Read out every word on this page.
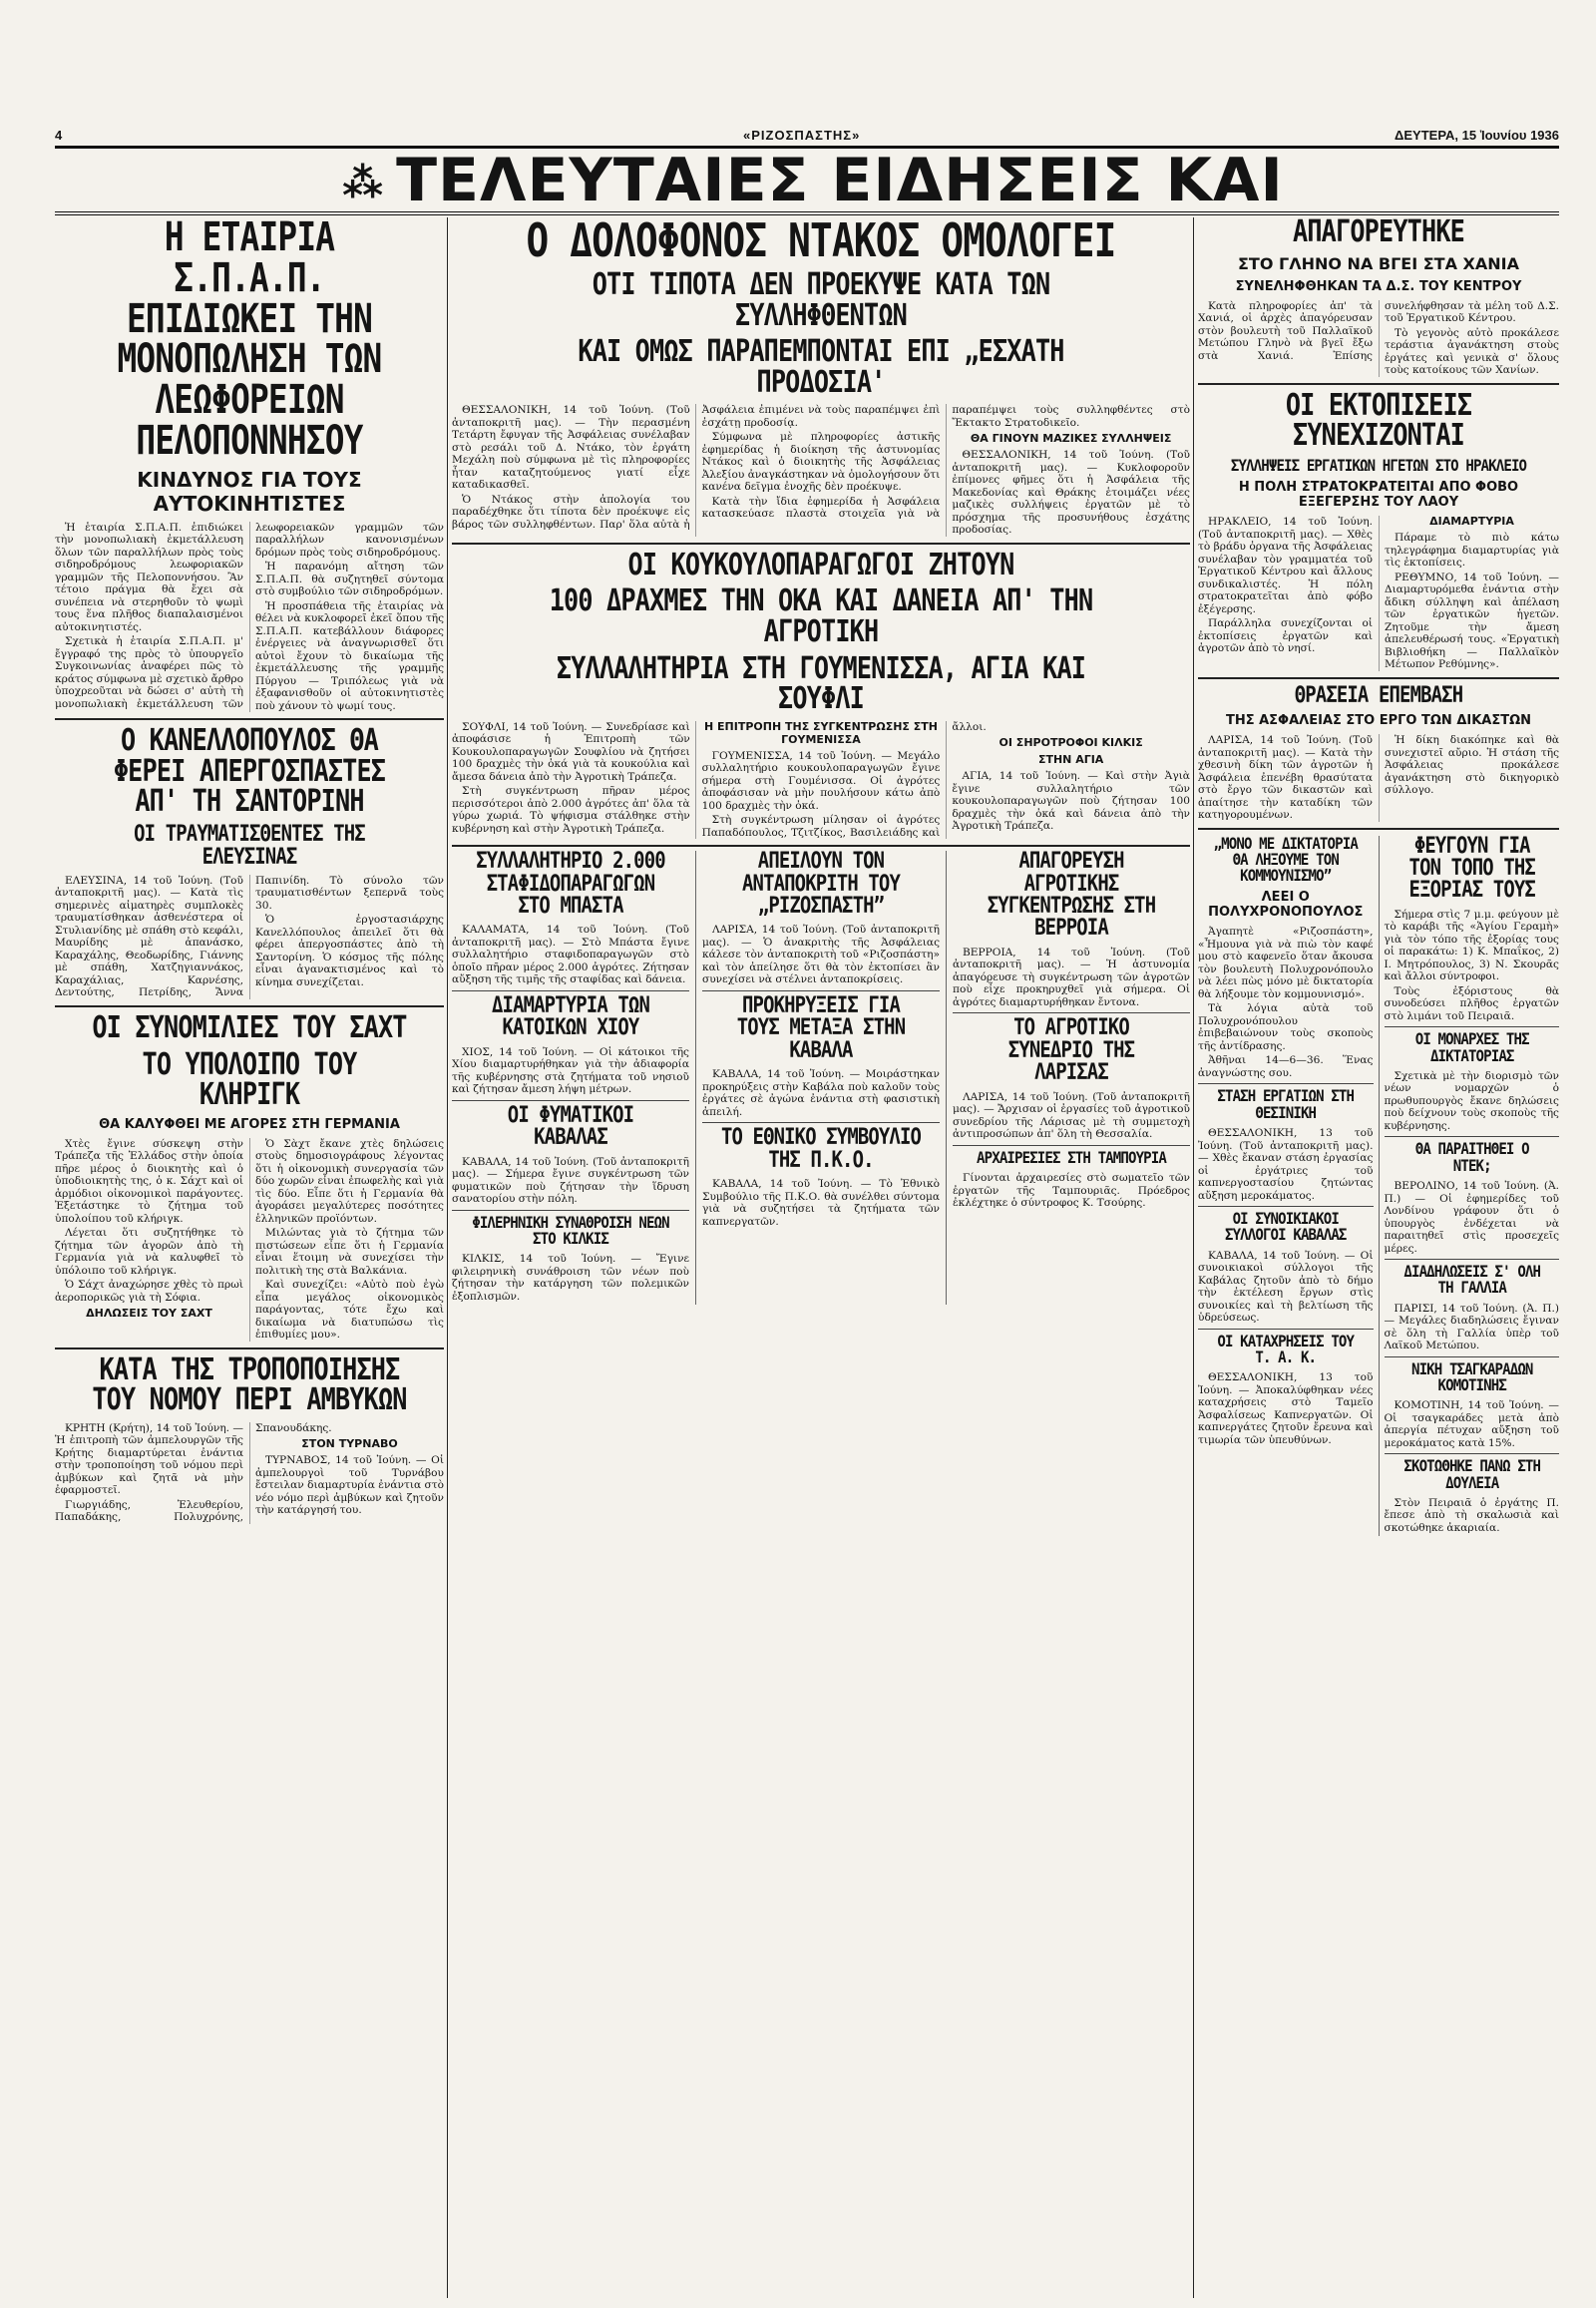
4	«ΡΙΖΟΣΠΑΣΤΗΣ»	ΔΕΥΤΕΡΑ, 15 Ἰουνίου 1936
⁂ ΤΕΛΕΥΤΑΙΕΣ ΕΙΔΗΣΕΙΣ ΚΑΙ
Η ΕΤΑΙΡΙΑ Σ.Π.Α.Π. ΕΠΙΔΙΩΚΕΙ ΤΗΝ ΜΟΝΟΠΩΛΗΣΗ ΤΩΝ ΛΕΩΦΟΡΕΙΩΝ ΠΕΛΟΠΟΝΝΗΣΟΥ
ΚΙΝΔΥΝΟΣ ΓΙΑ ΤΟΥΣ ΑΥΤΟΚΙΝΗΤΙΣΤΕΣ

Ἡ ἑταιρία Σ.Π.Α.Π. ἐπιδιώκει τὴν μονοπωλιακὴ ἐκμετάλλευση ὅλων τῶν παραλλήλων πρὸς τοὺς σιδηροδρόμους λεωφοριακῶν γραμμῶν τῆς Πελοποννήσου. Ἂν τέτοιο πράγμα θὰ ἔχει σὰ συνέπεια νὰ στερηθοῦν τὸ ψωμὶ τους ἕνα πλῆθος διαπαλαισμένοι αὐτοκινητιστές.

Σχετικὰ ἡ ἑταιρία Σ.Π.Α.Π. μ' ἔγγραφό της πρὸς τὸ ὑπουργεῖο Συγκοινωνίας ἀναφέρει πῶς τὸ κράτος σύμφωνα μὲ σχετικὸ ἄρθρο ὑποχρεοῦται νὰ δώσει σ' αὐτὴ τὴ μονοπωλιακὴ ἐκμετάλλευση τῶν λεωφορειακῶν γραμμῶν τῶν παραλλήλων κανονισμένων δρόμων πρὸς τοὺς σιδηροδρόμους.

Ἡ παρανόμη αἴτηση τῶν Σ.Π.Α.Π. θὰ συζητηθεῖ σύντομα στὸ συμβούλιο τῶν σιδηροδρόμων.

Ἡ προσπάθεια τῆς ἑταιρίας νὰ θέλει νὰ κυκλοφορεῖ ἐκεῖ ὅπου τῆς Σ.Π.Α.Π. κατεβάλλουν διάφορες ἐνέργειες νὰ ἀναγνωρισθεῖ ὅτι αὐτοὶ ἔχουν τὸ δικαίωμα τῆς ἐκμετάλλευσης τῆς γραμμῆς Πύργου — Τριπόλεως γιὰ νὰ ἐξαφανισθοῦν οἱ αὐτοκινητιστὲς ποὺ χάνουν τὸ ψωμί τους.

Ο ΚΑΝΕΛΛΟΠΟΥΛΟΣ ΘΑ ΦΕΡΕΙ ΑΠΕΡΓΟΣΠΑΣΤΕΣ ΑΠ' ΤΗ ΣΑΝΤΟΡΙΝΗ
ΟΙ ΤΡΑΥΜΑΤΙΣΘΕΝΤΕΣ ΤΗΣ ΕΛΕΥΣΙΝΑΣ

ΕΛΕΥΣΙΝΑ, 14 τοῦ Ἰούνη. (Τοῦ ἀνταποκριτῆ μας). — Κατὰ τὶς σημερινὲς αἱματηρὲς συμπλοκὲς τραυματίσθηκαν ἀσθενέστερα οἱ Στυλιανίδης μὲ σπάθη στὸ κεφάλι, Μαυρίδης μὲ ἀπανάσκο, Καραχάλης, Θεοδωρίδης, Γιάννης μὲ σπάθη, Χατζηγιαννάκος, Καραχάλιας, Καρνέσης, Δεντούτης, Πετρίδης, Ἄννα Παπινίδη. Τὸ σύνολο τῶν τραυματισθέντων ξεπερνᾶ τοὺς 30.

Ὁ ἐργοστασιάρχης Κανελλόπουλος ἀπειλεῖ ὅτι θὰ φέρει ἀπεργοσπάστες ἀπὸ τὴ Σαντορίνη. Ὁ κόσμος τῆς πόλης εἶναι ἀγανακτισμένος καὶ τὸ κίνημα συνεχίζεται.

ΟΙ ΣΥΝΟΜΙΛΙΕΣ ΤΟΥ ΣΑΧΤ
ΤΟ ΥΠΟΛΟΙΠΟ ΤΟΥ ΚΛΗΡΙΓΚ
ΘΑ ΚΑΛΥΦΘΕΙ ΜΕ ΑΓΟΡΕΣ ΣΤΗ ΓΕΡΜΑΝΙΑ

Χτὲς ἔγινε σύσκεψη στὴν Τράπεζα τῆς Ἑλλάδος στὴν ὁποία πῆρε μέρος ὁ διοικητὴς καὶ ὁ ὑποδιοικητὴς της, ὁ κ. Σάχτ καὶ οἱ ἁρμόδιοι οἰκονομικοὶ παράγοντες. Ἐξετάστηκε τὸ ζήτημα τοῦ ὑπολοίπου τοῦ κλήριγκ.

Λέγεται ὅτι συζητήθηκε τὸ ζήτημα τῶν ἀγορῶν ἀπὸ τὴ Γερμανία γιὰ νὰ καλυφθεῖ τὸ ὑπόλοιπο τοῦ κλήριγκ.

Ὁ Σάχτ ἀναχώρησε χθὲς τὸ πρωὶ ἀεροπορικῶς γιὰ τὴ Σόφια.

ΔΗΛΩΣΕΙΣ ΤΟΥ ΣΑΧΤ

Ὁ Σὰχτ ἔκανε χτὲς δηλώσεις στοὺς δημοσιογράφους λέγοντας ὅτι ἡ οἰκονομικὴ συνεργασία τῶν δύο χωρῶν εἶναι ἐπωφελὴς καὶ γιὰ τὶς δύο. Εἶπε ὅτι ἡ Γερμανία θὰ ἀγοράσει μεγαλύτερες ποσότητες ἑλληνικῶν προϊόντων.

Μιλώντας γιὰ τὸ ζήτημα τῶν πιστώσεων εἶπε ὅτι ἡ Γερμανία εἶναι ἕτοιμη νὰ συνεχίσει τὴν πολιτικὴ της στὰ Βαλκάνια.

Καὶ συνεχίζει: «Αὐτὸ ποὺ ἐγὼ εἶπα μεγάλος οἰκονομικὸς παράγοντας, τότε ἔχω καὶ δικαίωμα νὰ διατυπώσω τὶς ἐπιθυμίες μου».

ΚΑΤΑ ΤΗΣ ΤΡΟΠΟΠΟΙΗΣΗΣ ΤΟΥ ΝΟΜΟΥ ΠΕΡΙ ΑΜΒΥΚΩΝ

ΚΡΗΤΗ (Κρήτη), 14 τοῦ Ἰούνη. — Ἡ ἐπιτροπὴ τῶν ἀμπελουργῶν τῆς Κρήτης διαμαρτύρεται ἐνάντια στὴν τροποποίηση τοῦ νόμου περὶ ἀμβύκων καὶ ζητᾶ νὰ μὴν ἐφαρμοστεῖ.

Γιωργιάδης, Ἐλευθερίου, Παπαδάκης, Πολυχρόνης, Σπανουδάκης.

ΣΤΟΝ ΤΥΡΝΑΒΟ

ΤΥΡΝΑΒΟΣ, 14 τοῦ Ἰούνη. — Οἱ ἀμπελουργοὶ τοῦ Τυρνάβου ἔστειλαν διαμαρτυρία ἐνάντια στὸ νέο νόμο περὶ ἀμβύκων καὶ ζητοῦν τὴν κατάργησή του.

Ο ΔΟΛΟΦΟΝΟΣ ΝΤΑΚΟΣ ΟΜΟΛΟΓΕΙ
ΟΤΙ ΤΙΠΟΤΑ ΔΕΝ ΠΡΟΕΚΥΨΕ ΚΑΤΑ ΤΩΝ ΣΥΛΛΗΦΘΕΝΤΩΝ
ΚΑΙ ΟΜΩΣ ΠΑΡΑΠΕΜΠΟΝΤΑΙ ΕΠΙ „ΕΣΧΑΤΗ ΠΡΟΔΟΣΙΑ'

ΘΕΣΣΑΛΟΝΙΚΗ, 14 τοῦ Ἰούνη. (Τοῦ ἀνταποκριτῆ μας). — Τὴν περασμένη Τετάρτη ἔφυγαν τῆς Ἀσφάλειας συνέλαβαν στὸ ρεσάλι τοῦ Δ. Ντάκο, τὸν ἐργάτη Μεχάλη ποὺ σύμφωνα μὲ τὶς πληροφορίες ἦταν καταζητούμενος γιατί εἶχε καταδικασθεῖ.

Ὁ Ντάκος στὴν ἀπολογία του παραδέχθηκε ὅτι τίποτα δὲν προέκυψε εἰς βάρος τῶν συλληφθέντων. Παρ' ὅλα αὐτὰ ἡ Ἀσφάλεια ἐπιμένει νὰ τοὺς παραπέμψει ἐπὶ ἐσχάτῃ προδοσίᾳ.

Σύμφωνα μὲ πληροφορίες ἀστικῆς ἐφημερίδας ἡ διοίκηση τῆς ἀστυνομίας Ντάκος καὶ ὁ διοικητὴς τῆς Ἀσφάλειας Ἀλεξίου ἀναγκάστηκαν νὰ ὁμολογήσουν ὅτι κανένα δεῖγμα ἐνοχῆς δὲν προέκυψε.

Κατὰ τὴν ἴδια ἐφημερίδα ἡ Ἀσφάλεια κατασκεύασε πλαστὰ στοιχεῖα γιὰ νὰ παραπέμψει τοὺς συλληφθέντες στὸ Ἔκτακτο Στρατοδικεῖο.

ΘΑ ΓΙΝΟΥΝ ΜΑΖΙΚΕΣ ΣΥΛΛΗΨΕΙΣ

ΘΕΣΣΑΛΟΝΙΚΗ, 14 τοῦ Ἰούνη. (Τοῦ ἀνταποκριτῆ μας). — Κυκλοφοροῦν ἐπίμονες φῆμες ὅτι ἡ Ἀσφάλεια τῆς Μακεδονίας καὶ Θράκης ἑτοιμάζει νέες μαζικὲς συλλήψεις ἐργατῶν μὲ τὸ πρόσχημα τῆς προσυνήθους ἐσχάτης προδοσίας.

ΟΙ ΚΟΥΚΟΥΛΟΠΑΡΑΓΩΓΟΙ ΖΗΤΟΥΝ
100 ΔΡΑΧΜΕΣ ΤΗΝ ΟΚΑ ΚΑΙ ΔΑΝΕΙΑ ΑΠ' ΤΗΝ ΑΓΡΟΤΙΚΗ
ΣΥΛΛΑΛΗΤΗΡΙΑ ΣΤΗ ΓΟΥΜΕΝΙΣΣΑ, ΑΓΙΑ ΚΑΙ ΣΟΥΦΛΙ

ΣΟΥΦΛΙ, 14 τοῦ Ἰούνη. — Συνεδρίασε καὶ ἀποφάσισε ἡ Ἐπιτροπὴ τῶν Κουκουλοπαραγωγῶν Σουφλίου νὰ ζητήσει 100 δραχμὲς τὴν ὀκά γιὰ τὰ κουκούλια καὶ ἄμεσα δάνεια ἀπὸ τὴν Ἀγροτικὴ Τράπεζα.

Στὴ συγκέντρωση πῆραν μέρος περισσότεροι ἀπὸ 2.000 ἀγρότες ἀπ' ὅλα τὰ γύρω χωριά. Τὸ ψήφισμα στάλθηκε στὴν κυβέρνηση καὶ στὴν Ἀγροτικὴ Τράπεζα.

Η ΕΠΙΤΡΟΠΗ ΤΗΣ ΣΥΓΚΕΝΤΡΩΣΗΣ ΣΤΗ ΓΟΥΜΕΝΙΣΣΑ

ΓΟΥΜΕΝΙΣΣΑ, 14 τοῦ Ἰούνη. — Μεγάλο συλλαλητήριο κουκουλοπαραγωγῶν ἔγινε σήμερα στὴ Γουμένισσα. Οἱ ἀγρότες ἀποφάσισαν νὰ μὴν πουλήσουν κάτω ἀπὸ 100 δραχμὲς τὴν ὀκά.

Στὴ συγκέντρωση μίλησαν οἱ ἀγρότες Παπαδόπουλος, Τζιτζίκος, Βασιλειάδης καὶ ἄλλοι.

ΟΙ ΣΗΡΟΤΡΟΦΟΙ ΚΙΛΚΙΣ
ΣΤΗΝ ΑΓΙΑ

ΑΓΙΑ, 14 τοῦ Ἰούνη. — Καὶ στὴν Ἀγιὰ ἔγινε συλλαλητήριο τῶν κουκουλοπαραγωγῶν ποὺ ζήτησαν 100 δραχμὲς τὴν ὀκά καὶ δάνεια ἀπὸ τὴν Ἀγροτικὴ Τράπεζα.

ΣΥΛΛΑΛΗΤΗΡΙΟ 2.000 ΣΤΑΦΙΔΟΠΑΡΑΓΩΓΩΝ ΣΤΟ ΜΠΑΣΤΑ

ΚΑΛΑΜΑΤΑ, 14 τοῦ Ἰούνη. (Τοῦ ἀνταποκριτῆ μας). — Στὸ Μπάστα ἔγινε συλλαλητήριο σταφιδοπαραγωγῶν στὸ ὁποῖο πῆραν μέρος 2.000 ἀγρότες. Ζήτησαν αὔξηση τῆς τιμῆς τῆς σταφίδας καὶ δάνεια.

ΔΙΑΜΑΡΤΥΡΙΑ ΤΩΝ ΚΑΤΟΙΚΩΝ ΧΙΟΥ

ΧΙΟΣ, 14 τοῦ Ἰούνη. — Οἱ κάτοικοι τῆς Χίου διαμαρτυρήθηκαν γιὰ τὴν ἀδιαφορία τῆς κυβέρνησης στὰ ζητήματα τοῦ νησιοῦ καὶ ζήτησαν ἄμεση λήψη μέτρων.

ΟΙ ΦΥΜΑΤΙΚΟΙ ΚΑΒΑΛΑΣ

ΚΑΒΑΛΑ, 14 τοῦ Ἰούνη. (Τοῦ ἀνταποκριτῆ μας). — Σήμερα ἔγινε συγκέντρωση τῶν φυματικῶν ποὺ ζήτησαν τὴν ἵδρυση σανατορίου στὴν πόλη.

ΦΙΛΕΡΗΝΙΚΗ ΣΥΝΑΘΡΟΙΣΗ ΝΕΩΝ ΣΤΟ ΚΙΛΚΙΣ

ΚΙΛΚΙΣ, 14 τοῦ Ἰούνη. — Ἔγινε φιλειρηνικὴ συνάθροιση τῶν νέων ποὺ ζήτησαν τὴν κατάργηση τῶν πολεμικῶν ἐξοπλισμῶν.

ΑΠΕΙΛΟΥΝ ΤΟΝ ΑΝΤΑΠΟΚΡΙΤΗ ΤΟΥ „ΡΙΖΟΣΠΑΣΤΗ”

ΛΑΡΙΣΑ, 14 τοῦ Ἰούνη. (Τοῦ ἀνταποκριτῆ μας). — Ὁ ἀνακριτὴς τῆς Ἀσφάλειας κάλεσε τὸν ἀνταποκριτὴ τοῦ «Ριζοσπάστη» καὶ τὸν ἀπείλησε ὅτι θὰ τὸν ἐκτοπίσει ἂν συνεχίσει νὰ στέλνει ἀνταποκρίσεις.

ΠΡΟΚΗΡΥΞΕΙΣ ΓΙΑ ΤΟΥΣ ΜΕΤΑΞΑ ΣΤΗΝ ΚΑΒΑΛΑ

ΚΑΒΑΛΑ, 14 τοῦ Ἰούνη. — Μοιράστηκαν προκηρύξεις στὴν Καβάλα ποὺ καλοῦν τοὺς ἐργάτες σὲ ἀγώνα ἐνάντια στὴ φασιστικὴ ἀπειλή.

ΤΟ ΕΘΝΙΚΟ ΣΥΜΒΟΥΛΙΟ ΤΗΣ Π.Κ.Ο.

ΚΑΒΑΛΑ, 14 τοῦ Ἰούνη. — Τὸ Ἐθνικὸ Συμβούλιο τῆς Π.Κ.Ο. θὰ συνέλθει σύντομα γιὰ νὰ συζητήσει τὰ ζητήματα τῶν καπνεργατῶν.

ΑΠΑΓΟΡΕΥΣΗ ΑΓΡΟΤΙΚΗΣ ΣΥΓΚΕΝΤΡΩΣΗΣ ΣΤΗ ΒΕΡΡΟΙΑ

ΒΕΡΡΟΙΑ, 14 τοῦ Ἰούνη. (Τοῦ ἀνταποκριτῆ μας). — Ἡ ἀστυνομία ἀπαγόρευσε τὴ συγκέντρωση τῶν ἀγροτῶν ποὺ εἶχε προκηρυχθεῖ γιὰ σήμερα. Οἱ ἀγρότες διαμαρτυρήθηκαν ἔντονα.

ΤΟ ΑΓΡΟΤΙΚΟ ΣΥΝΕΔΡΙΟ ΤΗΣ ΛΑΡΙΣΑΣ

ΛΑΡΙΣΑ, 14 τοῦ Ἰούνη. (Τοῦ ἀνταποκριτῆ μας). — Ἄρχισαν οἱ ἐργασίες τοῦ ἀγροτικοῦ συνεδρίου τῆς Λάρισας μὲ τὴ συμμετοχὴ ἀντιπροσώπων ἀπ' ὅλη τὴ Θεσσαλία.

ΑΡΧΑΙΡΕΣΙΕΣ ΣΤΗ ΤΑΜΠΟΥΡΙΑ

Γίνονται ἀρχαιρεσίες στὸ σωματεῖο τῶν ἐργατῶν τῆς Ταμπουριᾶς. Πρόεδρος ἐκλέχτηκε ὁ σύντροφος Κ. Τσούρης.

ΑΠΑΓΟΡΕΥΤΗΚΕ
ΣΤΟ ΓΛΗΝΟ ΝΑ ΒΓΕΙ ΣΤΑ ΧΑΝΙΑ
ΣΥΝΕΛΗΦΘΗΚΑΝ ΤΑ Δ.Σ. ΤΟΥ ΚΕΝΤΡΟΥ

Κατὰ πληροφορίες ἀπ' τὰ Χανιά, οἱ ἀρχὲς ἀπαγόρευσαν στὸν βουλευτὴ τοῦ Παλλαϊκοῦ Μετώπου Γληνὸ νὰ βγεῖ ἔξω στὰ Χανιά. Ἐπίσης συνελήφθησαν τὰ μέλη τοῦ Δ.Σ. τοῦ Ἐργατικοῦ Κέντρου.

Τὸ γεγονὸς αὐτὸ προκάλεσε τεράστια ἀγανάκτηση στοὺς ἐργάτες καὶ γενικὰ σ' ὅλους τοὺς κατοίκους τῶν Χανίων.

ΟΙ ΕΚΤΟΠΙΣΕΙΣ ΣΥΝΕΧΙΖΟΝΤΑΙ
ΣΥΛΛΗΨΕΙΣ ΕΡΓΑΤΙΚΩΝ ΗΓΕΤΩΝ ΣΤΟ ΗΡΑΚΛΕΙΟ
Η ΠΟΛΗ ΣΤΡΑΤΟΚΡΑΤΕΙΤΑΙ ΑΠΟ ΦΟΒΟ ΕΞΕΓΕΡΣΗΣ ΤΟΥ ΛΑΟΥ

ΗΡΑΚΛΕΙΟ, 14 τοῦ Ἰούνη. (Τοῦ ἀνταποκριτῆ μας). — Χθὲς τὸ βράδυ ὀργανα τῆς Ἀσφάλειας συνέλαβαν τὸν γραμματέα τοῦ Ἐργατικοῦ Κέντρου καὶ ἄλλους συνδικαλιστές. Ἡ πόλη στρατοκρατεῖται ἀπὸ φόβο ἐξέγερσης.

Παράλληλα συνεχίζονται οἱ ἐκτοπίσεις ἐργατῶν καὶ ἀγροτῶν ἀπὸ τὸ νησί.

ΔΙΑΜΑΡΤΥΡΙΑ

Πάραμε τὸ πιὸ κάτω τηλεγράφημα διαμαρτυρίας γιὰ τὶς ἐκτοπίσεις.

ΡΕΘΥΜΝΟ, 14 τοῦ Ἰούνη. — Διαμαρτυρόμεθα ἐνάντια στὴν ἄδικη σύλληψη καὶ ἀπέλαση τῶν ἐργατικῶν ἡγετῶν. Ζητοῦμε τὴν ἄμεση ἀπελευθέρωσή τους. «Ἐργατικὴ Βιβλιοθήκη — Παλλαϊκὸν Μέτωπον Ρεθύμνης».

ΘΡΑΣΕΙΑ ΕΠΕΜΒΑΣΗ
ΤΗΣ ΑΣΦΑΛΕΙΑΣ ΣΤΟ ΕΡΓΟ ΤΩΝ ΔΙΚΑΣΤΩΝ

ΛΑΡΙΣΑ, 14 τοῦ Ἰούνη. (Τοῦ ἀνταποκριτῆ μας). — Κατὰ τὴν χθεσινὴ δίκη τῶν ἀγροτῶν ἡ Ἀσφάλεια ἐπενέβη θρασύτατα στὸ ἔργο τῶν δικαστῶν καὶ ἀπαίτησε τὴν καταδίκη τῶν κατηγορουμένων.

Ἡ δίκη διακόπηκε καὶ θὰ συνεχιστεῖ αὔριο. Ἡ στάση τῆς Ἀσφάλειας προκάλεσε ἀγανάκτηση στὸ δικηγορικὸ σύλλογο.

„ΜΟΝΟ ΜΕ ΔΙΚΤΑΤΟΡΙΑ ΘΑ ΛΗΞΟΥΜΕ ΤΟΝ ΚΟΜΜΟΥΝΙΣΜΟ”
ΛΕΕΙ Ο ΠΟΛΥΧΡΟΝΟΠΟΥΛΟΣ

Ἀγαπητὲ «Ριζοσπάστη», «Ἦμουνα γιὰ νὰ πιὼ τὸν καφέ μου στὸ καφενεῖο ὅταν ἄκουσα τὸν βουλευτὴ Πολυχρονόπουλο νὰ λέει πὼς μόνο μὲ δικτατορία θὰ λήξουμε τὸν κομμουνισμό».

Τὰ λόγια αὐτὰ τοῦ Πολυχρονόπουλου ἐπιβεβαιώνουν τοὺς σκοποὺς τῆς ἀντίδρασης.

Ἀθῆναι 14—6—36. Ἕνας ἀναγνώστης σου.

ΣΤΑΣΗ ΕΡΓΑΤΙΩΝ ΣΤΗ ΘΕΣΙΝΙΚΗ

ΘΕΣΣΑΛΟΝΙΚΗ, 13 τοῦ Ἰούνη. (Τοῦ ἀνταποκριτῆ μας). — Χθὲς ἔκαναν στάση ἐργασίας οἱ ἐργάτριες τοῦ καπνεργοστασίου ζητώντας αὔξηση μεροκάματος.

ΟΙ ΣΥΝΟΙΚΙΑΚΟΙ ΣΥΛΛΟΓΟΙ ΚΑΒΑΛΑΣ

ΚΑΒΑΛΑ, 14 τοῦ Ἰούνη. — Οἱ συνοικιακοὶ σύλλογοι τῆς Καβάλας ζητοῦν ἀπὸ τὸ δήμο τὴν ἐκτέλεση ἔργων στὶς συνοικίες καὶ τὴ βελτίωση τῆς ὑδρεύσεως.

ΟΙ ΚΑΤΑΧΡΗΣΕΙΣ ΤΟΥ Τ. Α. Κ.

ΘΕΣΣΑΛΟΝΙΚΗ, 13 τοῦ Ἰούνη. — Ἀποκαλύφθηκαν νέες καταχρήσεις στὸ Ταμεῖο Ἀσφαλίσεως Καπνεργατῶν. Οἱ καπνεργάτες ζητοῦν ἔρευνα καὶ τιμωρία τῶν ὑπευθύνων.

ΦΕΥΓΟΥΝ ΓΙΑ ΤΟΝ ΤΟΠΟ ΤΗΣ ΕΞΟΡΙΑΣ ΤΟΥΣ

Σήμερα στὶς 7 μ.μ. φεύγουν μὲ τὸ καράβι τῆς «Ἁγίου Γεραμὴ» γιὰ τὸν τόπο τῆς ἐξορίας τους οἱ παρακάτω: 1) Κ. Μπαΐκος, 2) Ι. Μητρόπουλος, 3) Ν. Σκουρᾶς καὶ ἄλλοι σύντροφοι.

Τοὺς ἐξόριστους θὰ συνοδεύσει πλῆθος ἐργατῶν στὸ λιμάνι τοῦ Πειραιᾶ.

ΟΙ ΜΟΝΑΡΧΕΣ ΤΗΣ ΔΙΚΤΑΤΟΡΙΑΣ

Σχετικὰ μὲ τὴν διορισμὸ τῶν νέων νομαρχῶν ὁ πρωθυπουργὸς ἔκανε δηλώσεις ποὺ δείχνουν τοὺς σκοποὺς τῆς κυβέρνησης.

ΘΑ ΠΑΡΑΙΤΗΘΕΙ Ο ΝΤΕΚ;

ΒΕΡΟΛΙΝΟ, 14 τοῦ Ἰούνη. (Ἀ. Π.) — Οἱ ἐφημερίδες τοῦ Λονδίνου γράφουν ὅτι ὁ ὑπουργὸς ἐνδέχεται νὰ παραιτηθεῖ στὶς προσεχεῖς μέρες.

ΔΙΑΔΗΛΩΣΕΙΣ Σ' ΟΛΗ ΤΗ ΓΑΛΛΙΑ

ΠΑΡΙΣΙ, 14 τοῦ Ἰούνη. (Ἀ. Π.) — Μεγάλες διαδηλώσεις ἔγιναν σὲ ὅλη τὴ Γαλλία ὑπὲρ τοῦ Λαϊκοῦ Μετώπου.

ΝΙΚΗ ΤΣΑΓΚΑΡΑΔΩΝ ΚΟΜΟΤΙΝΗΣ

ΚΟΜΟΤΙΝΗ, 14 τοῦ Ἰούνη. — Οἱ τσαγκαράδες μετὰ ἀπὸ ἀπεργία πέτυχαν αὔξηση τοῦ μεροκάματος κατὰ 15%.

ΣΚΟΤΩΘΗΚΕ ΠΑΝΩ ΣΤΗ ΔΟΥΛΕΙΑ

Στὸν Πειραιᾶ ὁ ἐργάτης Π. ἔπεσε ἀπὸ τὴ σκαλωσιὰ καὶ σκοτώθηκε ἀκαριαία.
